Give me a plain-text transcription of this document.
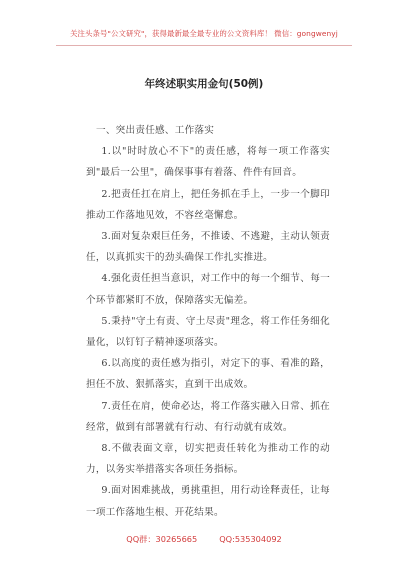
关注头条号"公文研究"，获得最新最全最专业的公文资料库！ 微信：gongwenyj
年终述职实用金句(50例)

一、突出责任感、工作落实

1.以"时时放心不下"的责任感，将每一项工作落实到"最后一公里"，确保事事有着落、件件有回音。

2.把责任扛在肩上，把任务抓在手上，一步一个脚印推动工作落地见效，不容丝毫懈怠。

3.面对复杂艰巨任务，不推诿、不逃避，主动认领责任，以真抓实干的劲头确保工作扎实推进。

4.强化责任担当意识，对工作中的每一个细节、每一个环节都紧盯不放，保障落实无偏差。

5.秉持"守土有责、守土尽责"理念，将工作任务细化量化，以钉钉子精神逐项落实。

6.以高度的责任感为指引，对定下的事、看准的路，担任不放、狠抓落实，直到干出成效。

7.责任在肩，使命必达，将工作落实融入日常、抓在经常，做到有部署就有行动、有行动就有成效。

8.不做表面文章，切实把责任转化为推动工作的动力，以务实举措落实各项任务指标。

9.面对困难挑战，勇挑重担，用行动诠释责任，让每一项工作落地生根、开花结果。

QQ群：30265665	QQ:535304092
